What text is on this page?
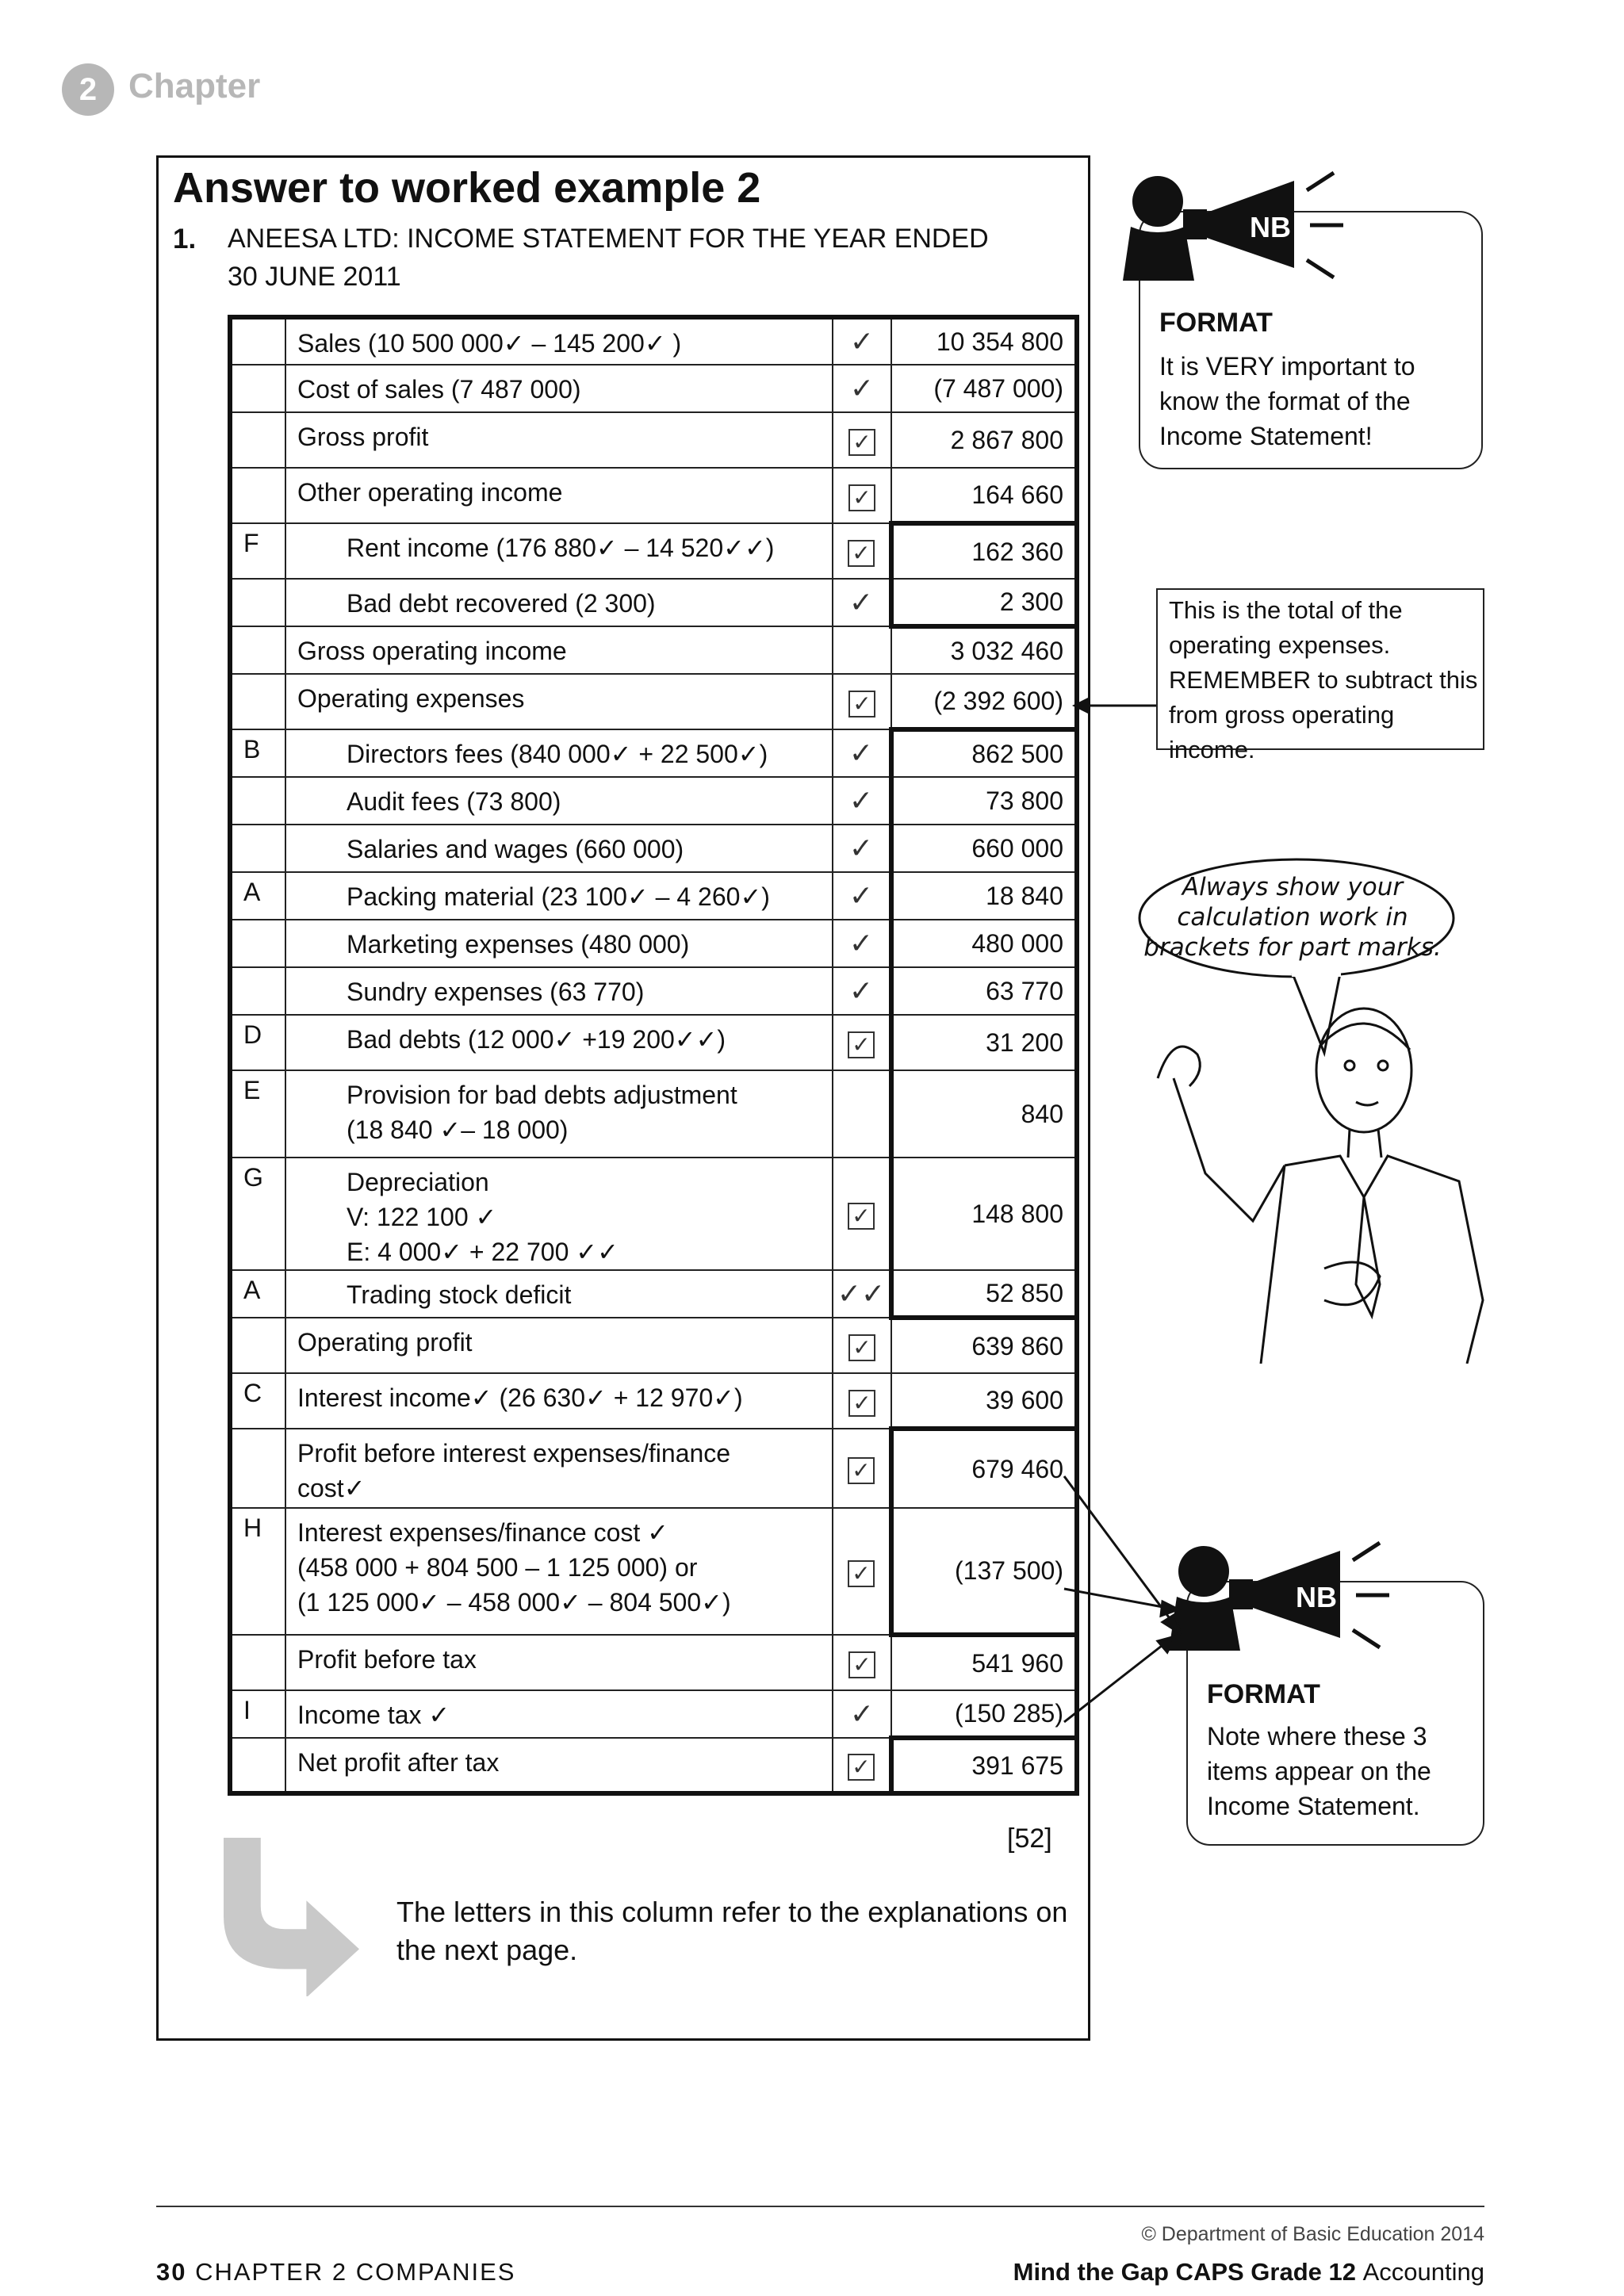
2 Chapter
Answer to worked example 2
1. ANEESA LTD: INCOME STATEMENT FOR THE YEAR ENDED
30 JUNE 2011
	Sales (10 500 000✓ – 145 200✓ )	✓	10 354 800
	Cost of sales (7 487 000)	✓	(7 487 000)
	Gross profit	✓	2 867 800
	Other operating income	✓	164 660
F	Rent income (176 880✓ – 14 520✓✓)	✓	162 360
	Bad debt recovered (2 300)	✓	2 300
	Gross operating income		3 032 460
	Operating expenses	✓	(2 392 600)
B	Directors fees (840 000✓ + 22 500✓)	✓	862 500
	Audit fees (73 800)	✓	73 800
	Salaries and wages (660 000)	✓	660 000
A	Packing material (23 100✓ – 4 260✓)	✓	18 840
	Marketing expenses (480 000)	✓	480 000
	Sundry expenses (63 770)	✓	63 770
D	Bad debts (12 000✓ +19 200✓✓)	✓	31 200
E	Provision for bad debts adjustment
(18 840 ✓– 18 000)		840
G	Depreciation
V: 122 100 ✓
E: 4 000✓ + 22 700 ✓✓	✓	148 800
A	Trading stock deficit	✓✓	52 850
	Operating profit	✓	639 860
C	Interest income✓ (26 630✓ + 12 970✓)	✓	39 600

	Profit before interest expenses/finance
cost✓	✓	679 460
H	Interest expenses/finance cost ✓
(458 000 + 804 500 – 1 125 000) or
(1 125 000✓ – 458 000✓ – 804 500✓)	✓	(137 500)
	Profit before tax	✓	541 960
I	Income tax ✓	✓	(150 285)
	Net profit after tax	✓	391 675
[52]
The letters in this column refer to the explanations on the next page.
NB
FORMAT
It is VERY important to know the format of the Income Statement!
This is the total of the operating expenses. REMEMBER to subtract this from gross operating income.
Always show your calculation work in brackets for part marks.
NB
FORMAT
Note where these 3 items appear on the Income Statement.
© Department of Basic Education 2014
30 CHAPTER 2 COMPANIES	Mind the Gap CAPS Grade 12 Accounting
